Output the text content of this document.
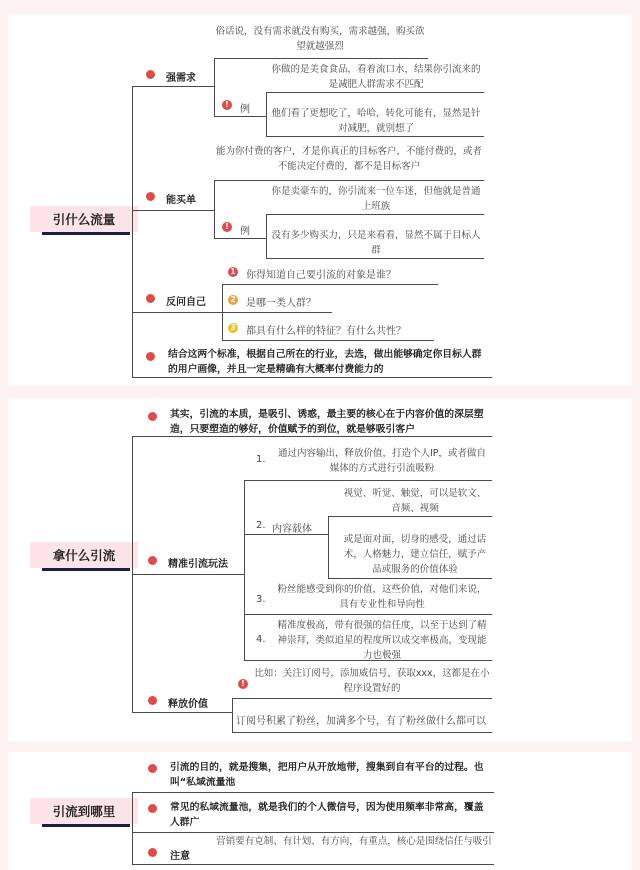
引什么流量
强需求
俗话说，没有需求就没有购买，需求越强，购买欲望就越强烈
!	例
你做的是美食食品，看着流口水，结果你引流来的是减肥人群需求不匹配
他们看了更想吃了，哈哈，转化可能有，显然是针对减肥，就别想了
能买单
能为你付费的客户，才是你真正的目标客户，不能付费的，或者不能决定付费的，都不是目标客户
!	例
你是卖豪车的，你引流来一位车迷，但他就是普通上班族
没有多少购买力，只是来看看，显然不属于目标人群
反问自己
1 你得知道自己要引流的对象是谁？
2 是哪一类人群？
3 都具有什么样的特征？有什么共性？
结合这两个标准，根据自己所在的行业，去选，做出能够确定你目标人群的用户画像，并且一定是精确有大概率付费能力的
拿什么引流
其实，引流的本质，是吸引、诱惑，最主要的核心在于内容价值的深层塑造，只要塑造的够好，价值赋予的到位，就是够吸引客户
精准引流玩法
1.
通过内容输出，释放价值，打造个人IP，或者做自媒体的方式进行引流吸粉
2. 内容载体
视觉、听觉、触觉，可以是软文、音频、视频
或是面对面，切身的感受，通过话术，人格魅力，建立信任，赋予产品或服务的价值体验
3.
粉丝能感受到你的价值，这些价值，对他们来说，具有专业性和导向性
4.
精准度极高，带有很强的信任度，以至于达到了精神崇拜，类似追星的程度所以成交率极高，变现能力也极强
释放价值
!
比如：关注订阅号，添加威信号，获取xxx，这都是在小程序设置好的
订阅号积累了粉丝，加满多个号，有了粉丝做什么都可以
引流到哪里
引流的目的，就是搜集，把用户从开放地带，搜集到自有平台的过程。也叫“私域流量池
常见的私域流量池，就是我们的个人微信号，因为使用频率非常高，覆盖人群广
注意
营销要有克制、有计划、有方向，有重点，核心是围绕信任与吸引
